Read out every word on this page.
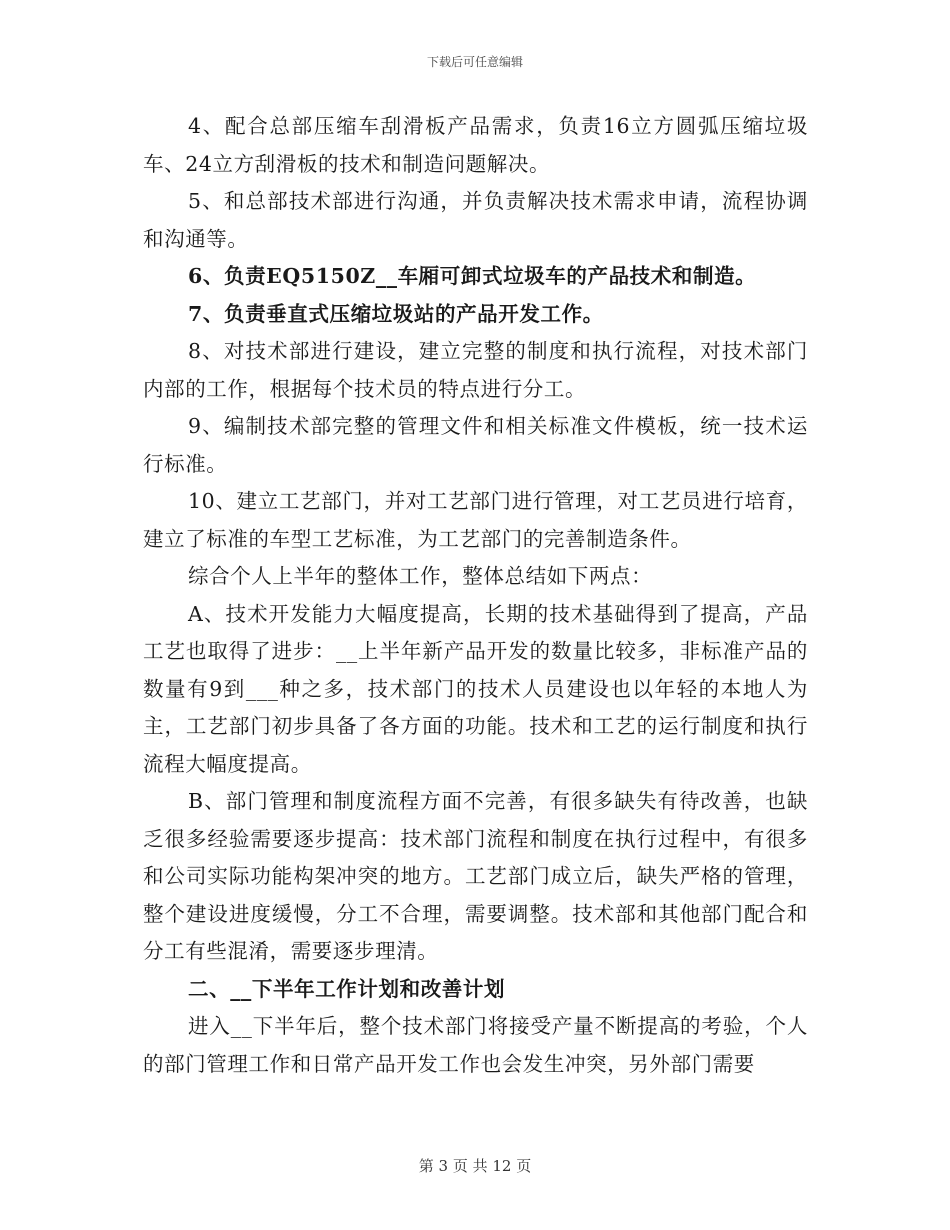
下载后可任意编辑

4、配合总部压缩车刮滑板产品需求，负责16立方圆弧压缩垃圾车、24立方刮滑板的技术和制造问题解决。

5、和总部技术部进行沟通，并负责解决技术需求申请，流程协调和沟通等。

6、负责EQ5150Z__车厢可卸式垃圾车的产品技术和制造。

7、负责垂直式压缩垃圾站的产品开发工作。

8、对技术部进行建设，建立完整的制度和执行流程，对技术部门内部的工作，根据每个技术员的特点进行分工。

9、编制技术部完整的管理文件和相关标准文件模板，统一技术运行标准。

10、建立工艺部门，并对工艺部门进行管理，对工艺员进行培育，建立了标准的车型工艺标准，为工艺部门的完善制造条件。

综合个人上半年的整体工作，整体总结如下两点：

A、技术开发能力大幅度提高，长期的技术基础得到了提高，产品工艺也取得了进步：__上半年新产品开发的数量比较多，非标准产品的数量有9到___种之多，技术部门的技术人员建设也以年轻的本地人为主，工艺部门初步具备了各方面的功能。技术和工艺的运行制度和执行流程大幅度提高。

B、部门管理和制度流程方面不完善，有很多缺失有待改善，也缺乏很多经验需要逐步提高：技术部门流程和制度在执行过程中，有很多和公司实际功能构架冲突的地方。工艺部门成立后，缺失严格的管理，整个建设进度缓慢，分工不合理，需要调整。技术部和其他部门配合和分工有些混淆，需要逐步理清。

二、__下半年工作计划和改善计划

进入__下半年后，整个技术部门将接受产量不断提高的考验，个人的部门管理工作和日常产品开发工作也会发生冲突，另外部门需要

第 3 页 共 12 页
